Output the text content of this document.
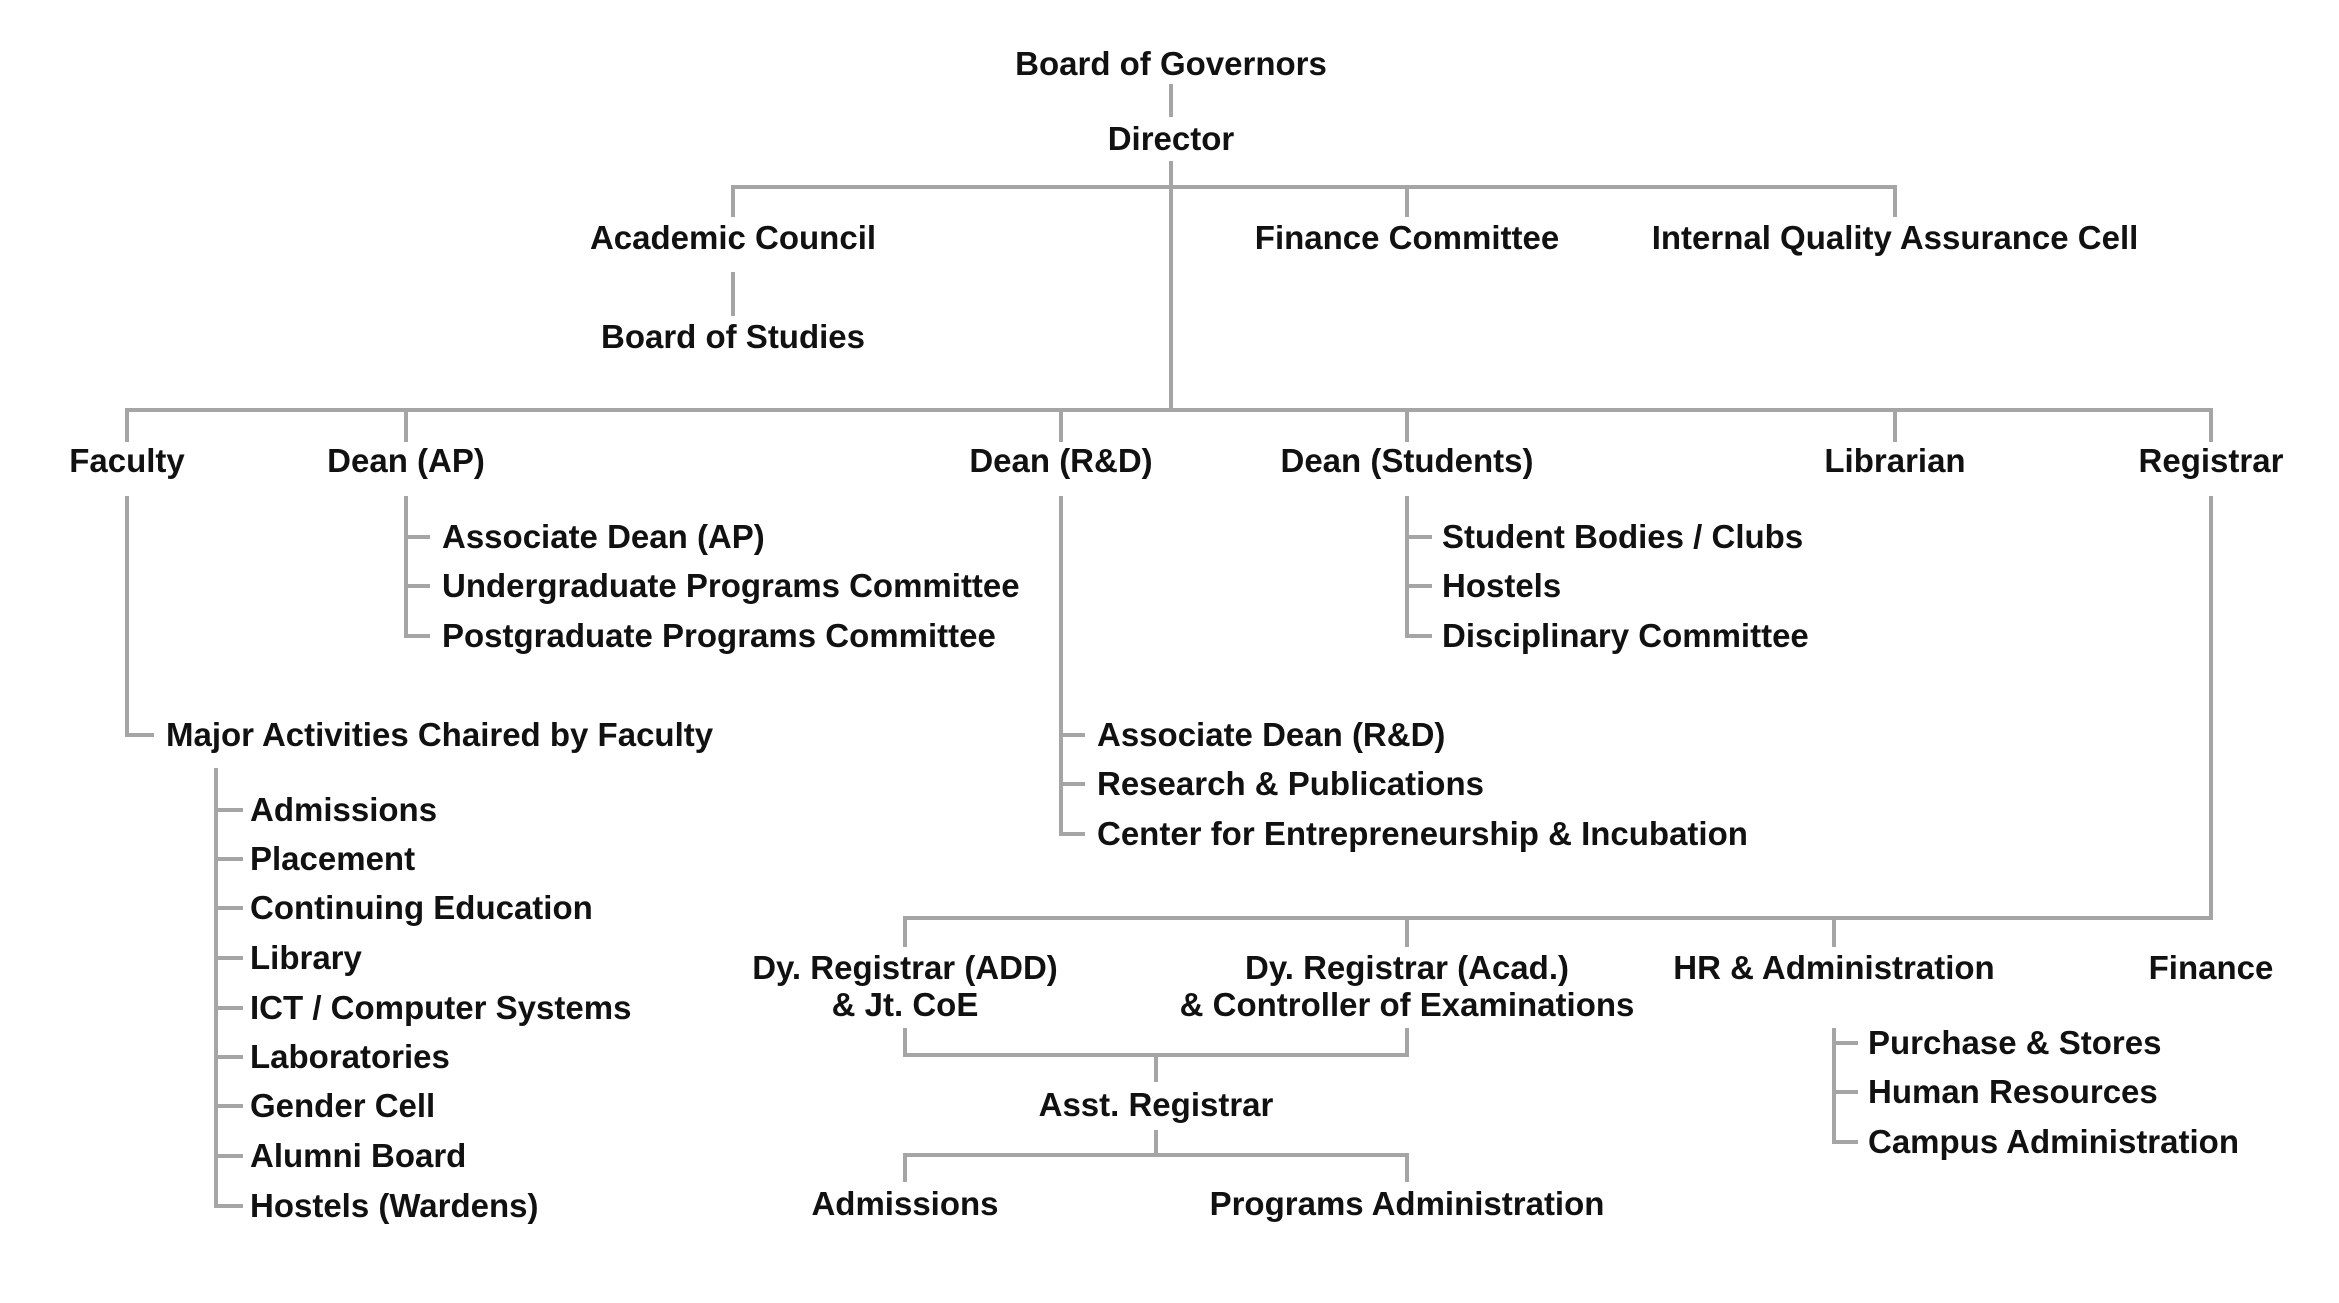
Board of Governors
Director
Academic Council
Board of Studies
Finance Committee	Internal Quality Assurance Cell
Faculty	Dean (AP)	Dean (R&D)	Dean (Students)	Librarian	Registrar
Associate Dean (AP)
Undergraduate Programs Committee
Postgraduate Programs Committee
Student Bodies / Clubs
Hostels
Disciplinary Committee
Associate Dean (R&D)
Research & Publications
Center for Entrepreneurship & Incubation
Major Activities Chaired by Faculty
Admissions
Placement
Continuing Education
Library
ICT / Computer Systems
Laboratories
Gender Cell
Alumni Board
Hostels (Wardens)
Dy. Registrar (ADD)
& Jt. CoE
Dy. Registrar (Acad.)
& Controller of Examinations
HR & Administration	Finance
Purchase & Stores
Human Resources
Campus Administration
Asst. Registrar
Admissions	Programs Administration
